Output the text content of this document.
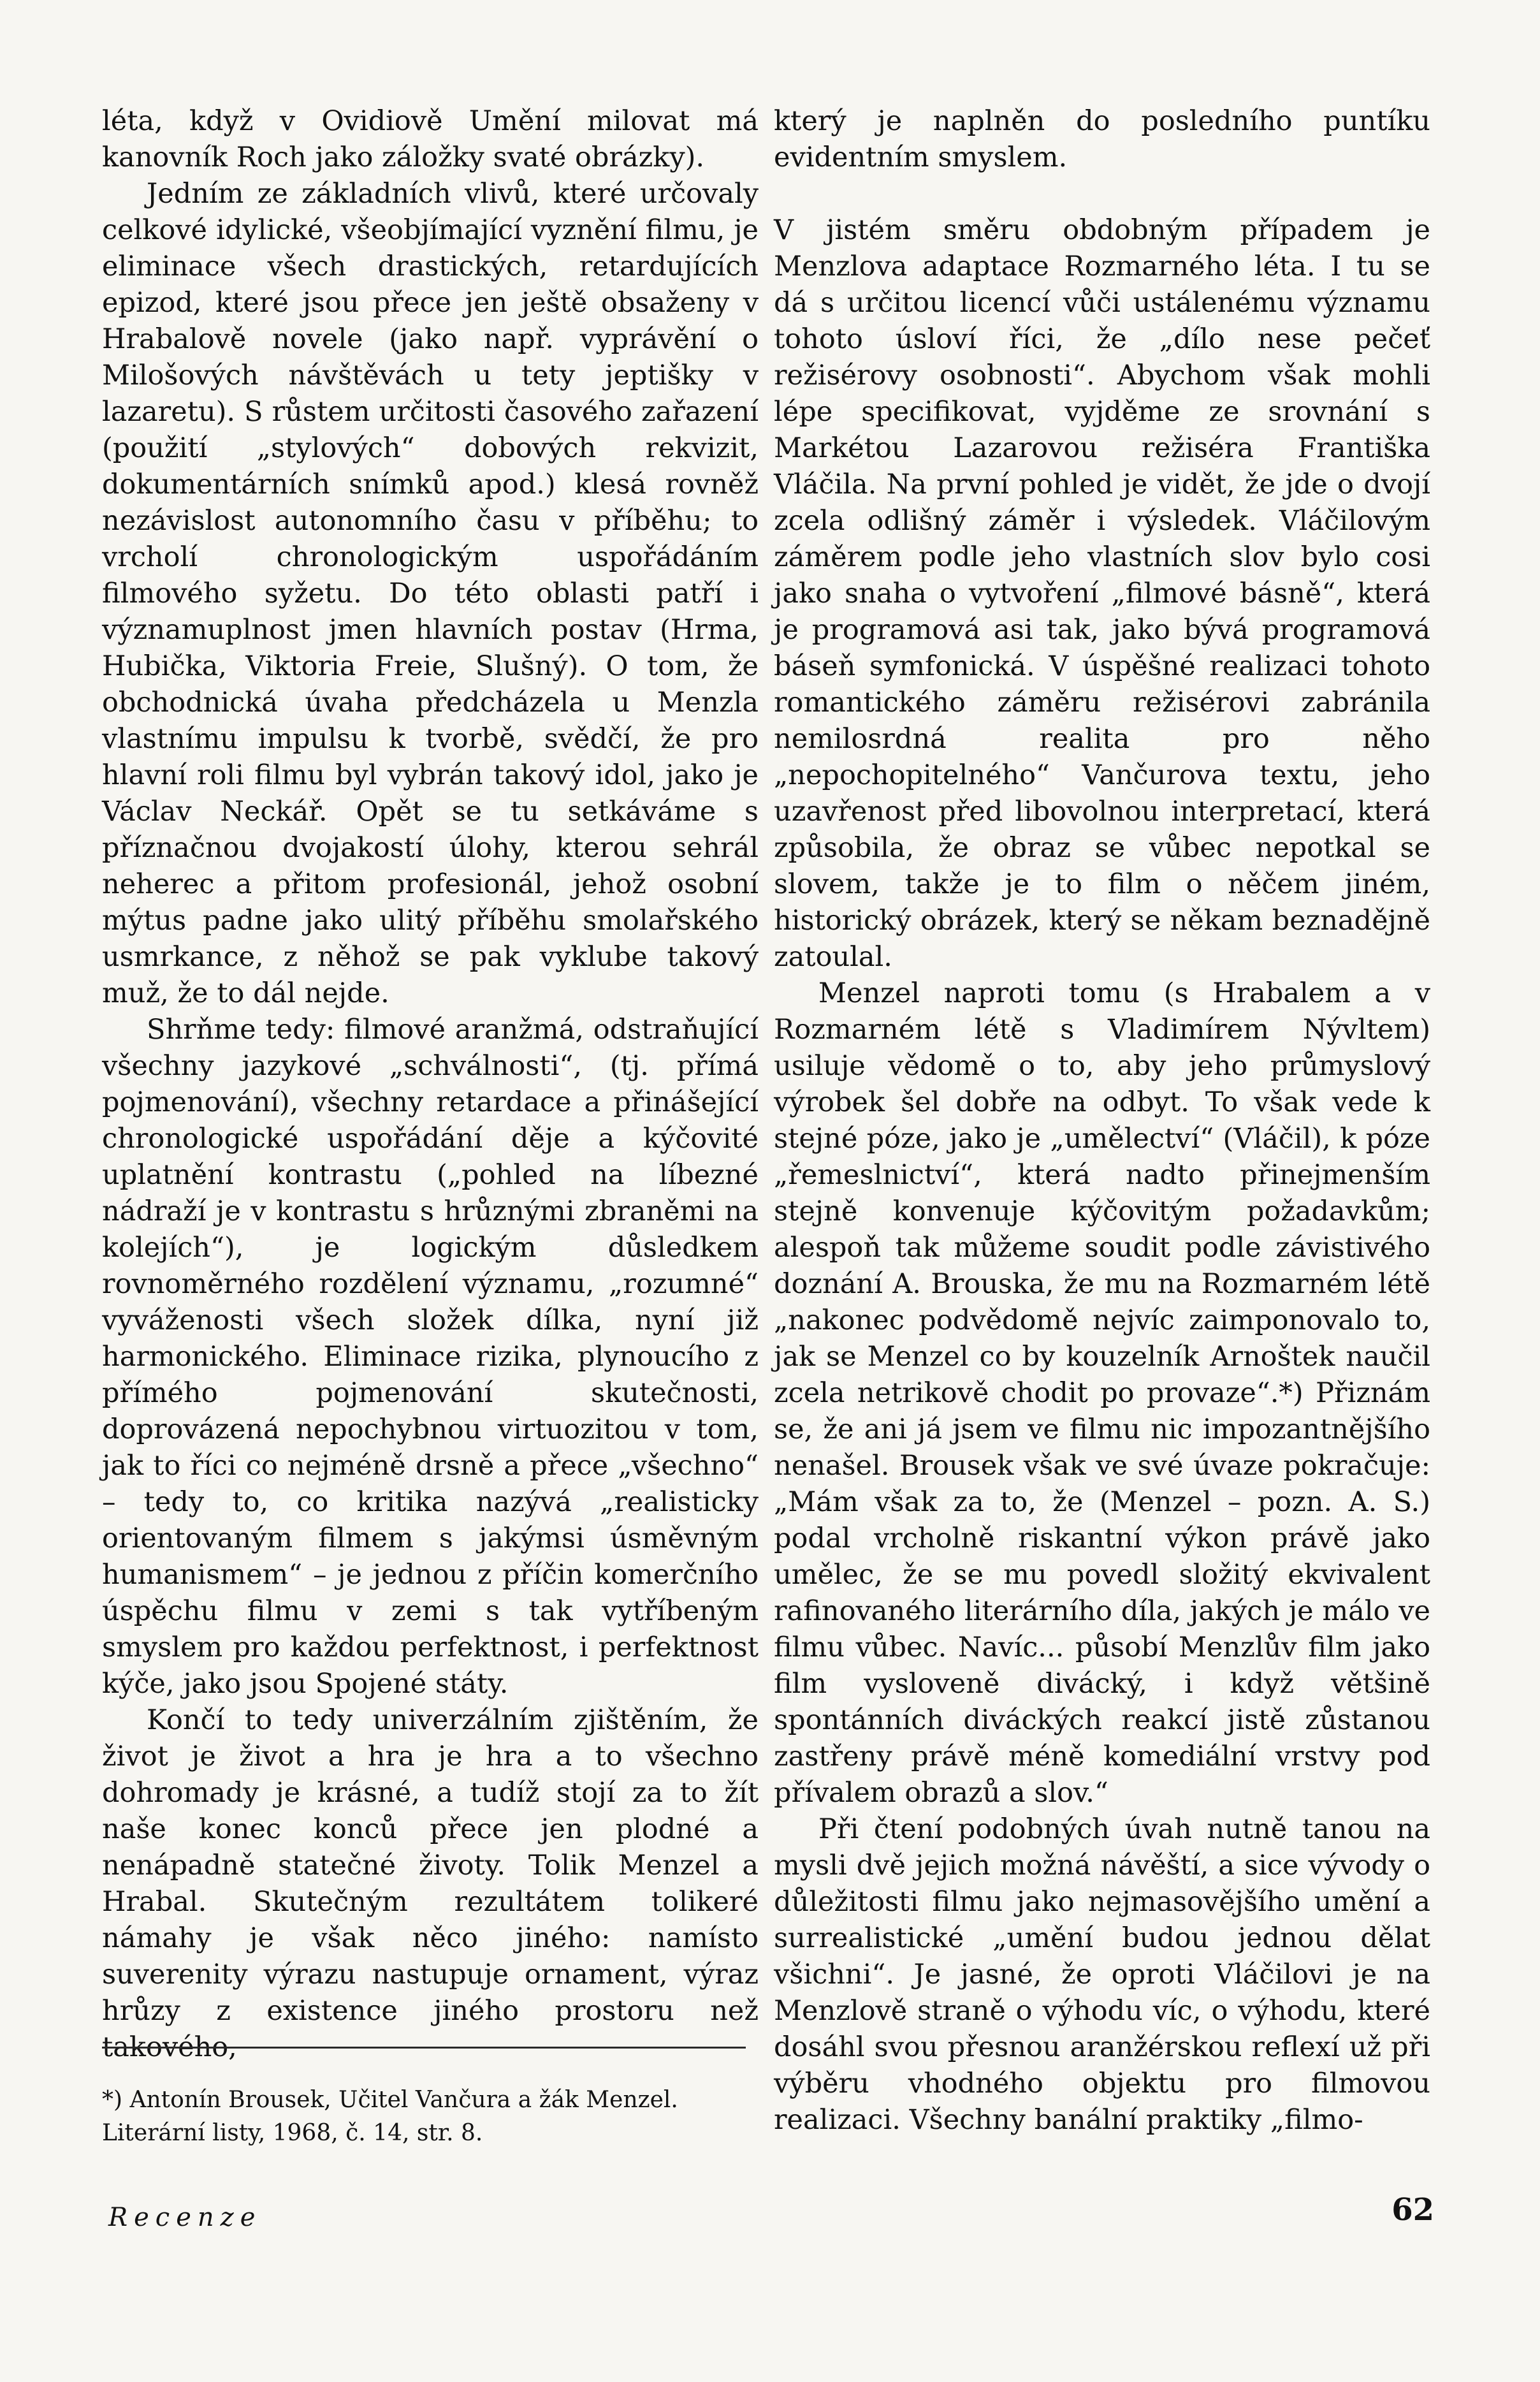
léta, když v Ovidiově Umění milovat má kanovník Roch jako záložky svaté obrázky).

Jedním ze základních vlivů, které určovaly celkové idylické, všeobjímající vyznění filmu, je eliminace všech drastických, retardujících epizod, které jsou přece jen ještě obsaženy v Hrabalově novele (jako např. vyprávění o Milošových návštěvách u tety jeptišky v lazaretu). S růstem určitosti časového zařazení (použití „stylových“ dobových rekvizit, dokumentárních snímků apod.) klesá rovněž nezávislost autonomního času v příběhu; to vrcholí chronologickým uspořádáním filmového syžetu. Do této oblasti patří i významuplnost jmen hlavních postav (Hrma, Hubička, Viktoria Freie, Slušný). O tom, že obchodnická úvaha předcházela u Menzla vlastnímu impulsu k tvorbě, svědčí, že pro hlavní roli filmu byl vybrán takový idol, jako je Václav Neckář. Opět se tu setkáváme s příznačnou dvojakostí úlohy, kterou sehrál neherec a přitom profesionál, jehož osobní mýtus padne jako ulitý příběhu smolařského usmrkance, z něhož se pak vyklube takový muž, že to dál nejde.

Shrňme tedy: filmové aranžmá, odstraňující všechny jazykové „schválnosti“, (tj. přímá pojmenování), všechny retardace a přinášející chronologické uspořádání děje a kýčovité uplatnění kontrastu („pohled na líbezné nádraží je v kontrastu s hrůznými zbraněmi na kolejích“), je logickým důsledkem rovnoměrného rozdělení významu, „rozumné“ vyváženosti všech složek dílka, nyní již harmonického. Eliminace rizika, plynoucího z přímého pojmenování skutečnosti, doprovázená nepochybnou virtuozitou v tom, jak to říci co nejméně drsně a přece „všechno“ – tedy to, co kritika nazývá „realisticky orientovaným filmem s jakýmsi úsměvným humanismem“ – je jednou z příčin komerčního úspěchu filmu v zemi s tak vytříbeným smyslem pro každou perfektnost, i perfektnost kýče, jako jsou Spojené státy.

Končí to tedy univerzálním zjištěním, že život je život a hra je hra a to všechno dohromady je krásné, a tudíž stojí za to žít naše konec konců přece jen plodné a nenápadně statečné životy. Tolik Menzel a Hrabal. Skutečným rezultátem tolikeré námahy je však něco jiného: namísto suverenity výrazu nastupuje ornament, výraz hrůzy z existence jiného prostoru než takového,

který je naplněn do posledního puntíku evidentním smyslem.

V jistém směru obdobným případem je Menzlova adaptace Rozmarného léta. I tu se dá s určitou licencí vůči ustálenému významu tohoto úsloví říci, že „dílo nese pečeť režisérovy osobnosti“. Abychom však mohli lépe specifikovat, vyjděme ze srovnání s Markétou Lazarovou režiséra Františka Vláčila. Na první pohled je vidět, že jde o dvojí zcela odlišný záměr i výsledek. Vláčilovým záměrem podle jeho vlastních slov bylo cosi jako snaha o vytvoření „filmové básně“, která je programová asi tak, jako bývá programová báseň symfonická. V úspěšné realizaci tohoto romantického záměru režisérovi zabránila nemilosrdná realita pro něho „nepochopitelného“ Vančurova textu, jeho uzavřenost před libovolnou interpretací, která způsobila, že obraz se vůbec nepotkal se slovem, takže je to film o něčem jiném, historický obrázek, který se někam beznadějně zatoulal.

Menzel naproti tomu (s Hrabalem a v Rozmarném létě s Vladimírem Nývltem) usiluje vědomě o to, aby jeho průmyslový výrobek šel dobře na odbyt. To však vede k stejné póze, jako je „umělectví“ (Vláčil), k póze „řemeslnictví“, která nadto přinejmenším stejně konvenuje kýčovitým požadavkům; alespoň tak můžeme soudit podle závistivého doznání A. Brouska, že mu na Rozmarném létě „nakonec podvědomě nejvíc zaimponovalo to, jak se Menzel co by kouzelník Arnoštek naučil zcela netrikově chodit po provaze“.*) Přiznám se, že ani já jsem ve filmu nic impozantnějšího nenašel. Brousek však ve své úvaze pokračuje: „Mám však za to, že (Menzel – pozn. A. S.) podal vrcholně riskantní výkon právě jako umělec, že se mu povedl složitý ekvivalent rafinovaného literárního díla, jakých je málo ve filmu vůbec. Navíc... působí Menzlův film jako film vysloveně divácký, i když většině spontánních diváckých reakcí jistě zůstanou zastřeny právě méně komediální vrstvy pod přívalem obrazů a slov.“

Při čtení podobných úvah nutně tanou na mysli dvě jejich možná návěští, a sice vývody o důležitosti filmu jako nejmasovějšího umění a surrealistické „umění budou jednou dělat všichni“. Je jasné, že oproti Vláčilovi je na Menzlově straně o výhodu víc, o výhodu, které dosáhl svou přesnou aranžérskou reflexí už při výběru vhodného objektu pro filmovou realizaci. Všechny banální praktiky „filmo-

*) Antonín Brousek, Učitel Vančura a žák Menzel.

Literární listy, 1968, č. 14, str. 8.

Recenze	62
